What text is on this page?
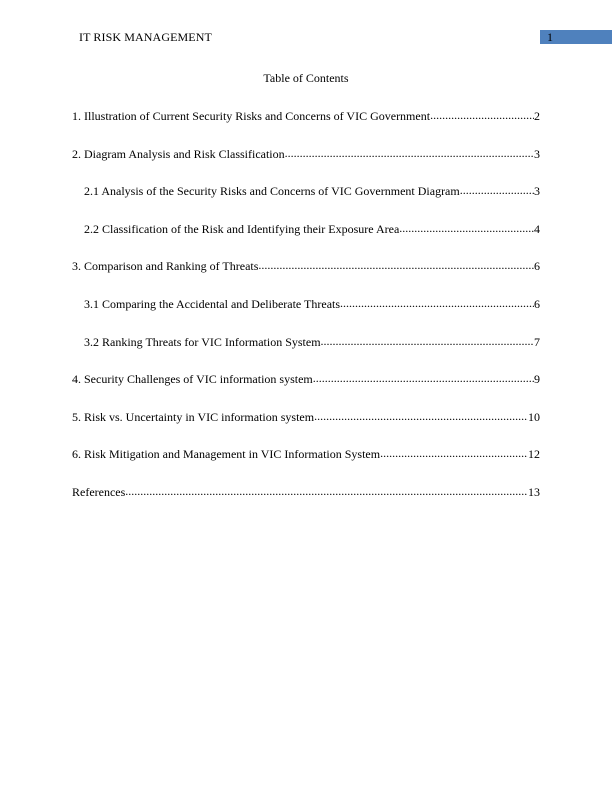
IT RISK MANAGEMENT	1
Table of Contents
1. Illustration of Current Security Risks and Concerns of VIC Government .....	2
2. Diagram Analysis and Risk Classification .....	3
2.1 Analysis of the Security Risks and Concerns of VIC Government Diagram .....	3
2.2 Classification of the Risk and Identifying their Exposure Area .....	4
3. Comparison and Ranking of Threats .....	6
3.1 Comparing the Accidental and Deliberate Threats .....	6
3.2 Ranking Threats for VIC Information System .....	7
4. Security Challenges of VIC information system .....	9
5. Risk vs. Uncertainty in VIC information system .....	10
6. Risk Mitigation and Management in VIC Information System .....	12
References .....	13
